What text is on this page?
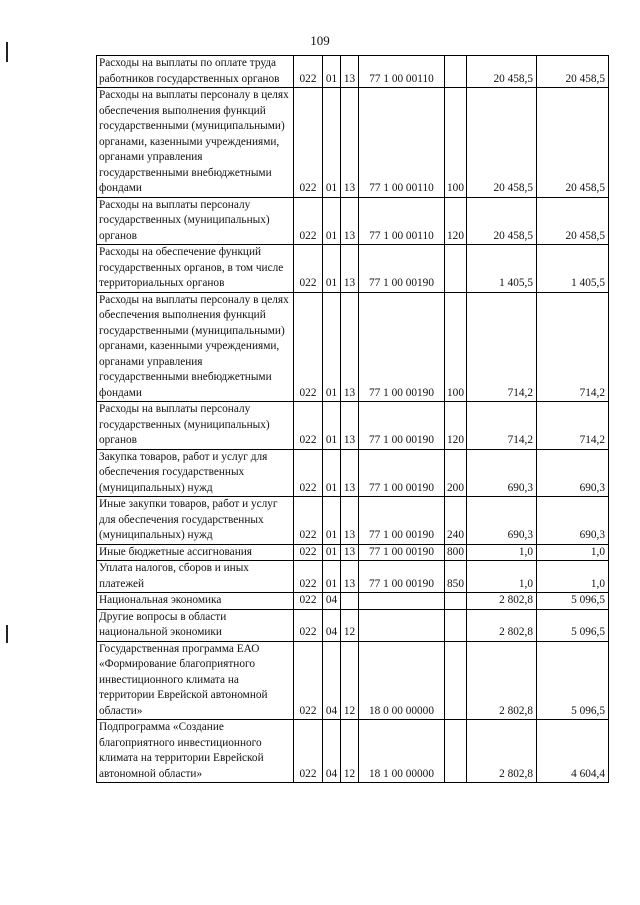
109
Расходы на выплаты по оплате труда работников государственных органов	022	01	13	77 1 00 00110		20 458,5	20 458,5
Расходы на выплаты персоналу в целях обеспечения выполнения функций государственными (муниципальными) органами, казенными учреждениями, органами управления государственными внебюджетными фондами	022	01	13	77 1 00 00110	100	20 458,5	20 458,5
Расходы на выплаты персоналу государственных (муниципальных) органов	022	01	13	77 1 00 00110	120	20 458,5	20 458,5
Расходы на обеспечение функций государственных органов, в том числе территориальных органов	022	01	13	77 1 00 00190		1 405,5	1 405,5
Расходы на выплаты персоналу в целях обеспечения выполнения функций государственными (муниципальными) органами, казенными учреждениями, органами управления государственными внебюджетными фондами	022	01	13	77 1 00 00190	100	714,2	714,2
Расходы на выплаты персоналу государственных (муниципальных) органов	022	01	13	77 1 00 00190	120	714,2	714,2
Закупка товаров, работ и услуг для обеспечения государственных (муниципальных) нужд	022	01	13	77 1 00 00190	200	690,3	690,3
Иные закупки товаров, работ и услуг для обеспечения государственных (муниципальных) нужд	022	01	13	77 1 00 00190	240	690,3	690,3
Иные бюджетные ассигнования	022	01	13	77 1 00 00190	800	1,0	1,0
Уплата налогов, сборов и иных платежей	022	01	13	77 1 00 00190	850	1,0	1,0
Национальная экономика	022	04				2 802,8	5 096,5
Другие вопросы в области национальной экономики	022	04	12			2 802,8	5 096,5
Государственная программа ЕАО «Формирование благоприятного инвестиционного климата на территории Еврейской автономной области»	022	04	12	18 0 00 00000		2 802,8	5 096,5
Подпрограмма «Создание благоприятного инвестиционного климата на территории Еврейской автономной области»	022	04	12	18 1 00 00000		2 802,8	4 604,4
